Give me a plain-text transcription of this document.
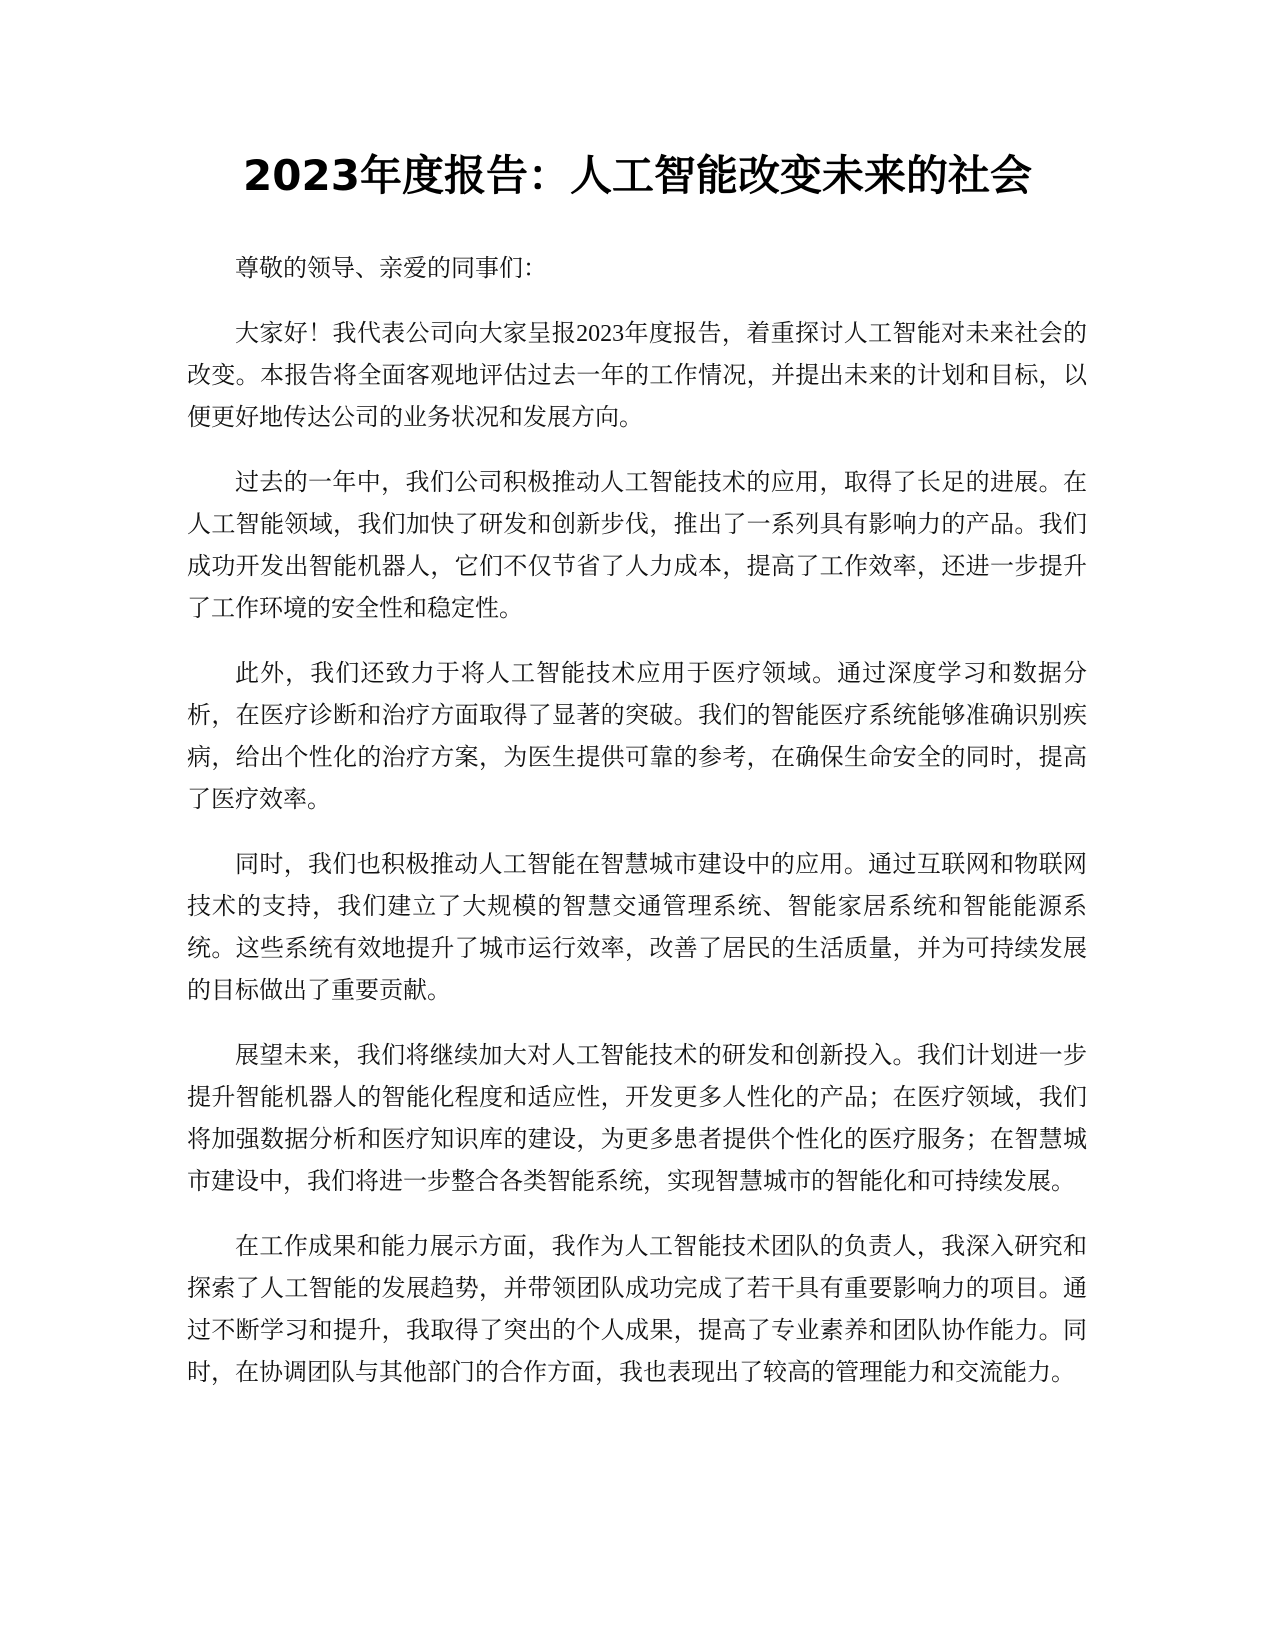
2023年度报告：人工智能改变未来的社会

尊敬的领导、亲爱的同事们：

大家好！我代表公司向大家呈报2023年度报告，着重探讨人工智能对未来社会的改变。本报告将全面客观地评估过去一年的工作情况，并提出未来的计划和目标，以便更好地传达公司的业务状况和发展方向。

过去的一年中，我们公司积极推动人工智能技术的应用，取得了长足的进展。在人工智能领域，我们加快了研发和创新步伐，推出了一系列具有影响力的产品。我们成功开发出智能机器人，它们不仅节省了人力成本，提高了工作效率，还进一步提升了工作环境的安全性和稳定性。

此外，我们还致力于将人工智能技术应用于医疗领域。通过深度学习和数据分析，在医疗诊断和治疗方面取得了显著的突破。我们的智能医疗系统能够准确识别疾病，给出个性化的治疗方案，为医生提供可靠的参考，在确保生命安全的同时，提高了医疗效率。

同时，我们也积极推动人工智能在智慧城市建设中的应用。通过互联网和物联网技术的支持，我们建立了大规模的智慧交通管理系统、智能家居系统和智能能源系统。这些系统有效地提升了城市运行效率，改善了居民的生活质量，并为可持续发展的目标做出了重要贡献。

展望未来，我们将继续加大对人工智能技术的研发和创新投入。我们计划进一步提升智能机器人的智能化程度和适应性，开发更多人性化的产品；在医疗领域，我们将加强数据分析和医疗知识库的建设，为更多患者提供个性化的医疗服务；在智慧城市建设中，我们将进一步整合各类智能系统，实现智慧城市的智能化和可持续发展。

在工作成果和能力展示方面，我作为人工智能技术团队的负责人，我深入研究和探索了人工智能的发展趋势，并带领团队成功完成了若干具有重要影响力的项目。通过不断学习和提升，我取得了突出的个人成果，提高了专业素养和团队协作能力。同时，在协调团队与其他部门的合作方面，我也表现出了较高的管理能力和交流能力。
